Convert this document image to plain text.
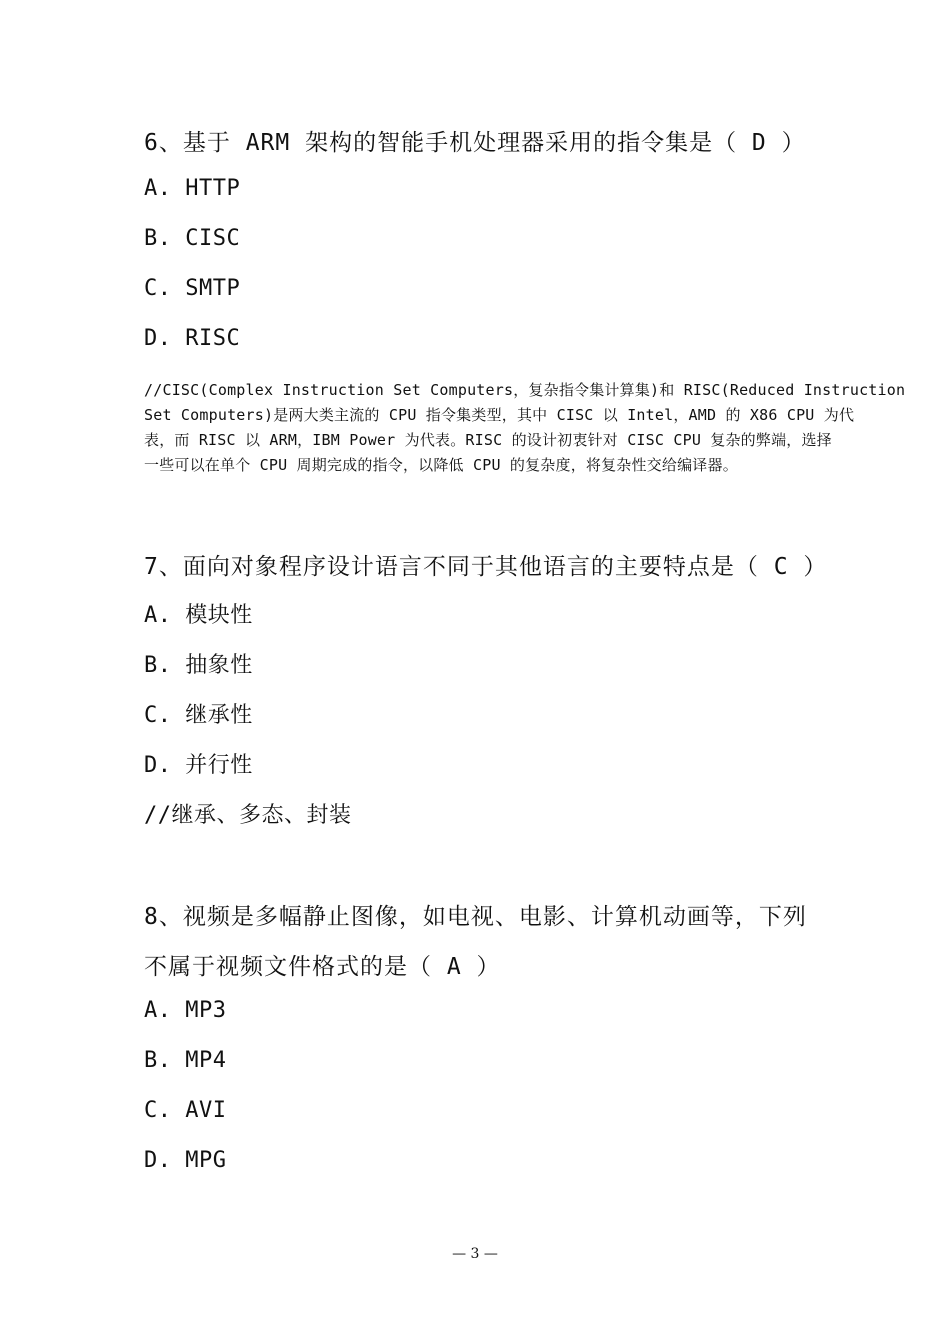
6、基于 ARM 架构的智能手机处理器采用的指令集是（ D ）
A. HTTP
B. CISC
C. SMTP
D. RISC
//CISC(Complex Instruction Set Computers，复杂指令集计算集)和 RISC(Reduced Instruction
Set Computers)是两大类主流的 CPU 指令集类型，其中 CISC 以 Intel，AMD 的 X86 CPU 为代
表，而 RISC 以 ARM，IBM Power 为代表。RISC 的设计初衷针对 CISC CPU 复杂的弊端，选择
一些可以在单个 CPU 周期完成的指令，以降低 CPU 的复杂度，将复杂性交给编译器。
7、面向对象程序设计语言不同于其他语言的主要特点是（ C ）
A. 模块性
B. 抽象性
C. 继承性
D. 并行性
//继承、多态、封装
8、视频是多幅静止图像，如电视、电影、计算机动画等，下列
不属于视频文件格式的是（ A ）
A. MP3
B. MP4
C. AVI
D. MPG
— 3 —
